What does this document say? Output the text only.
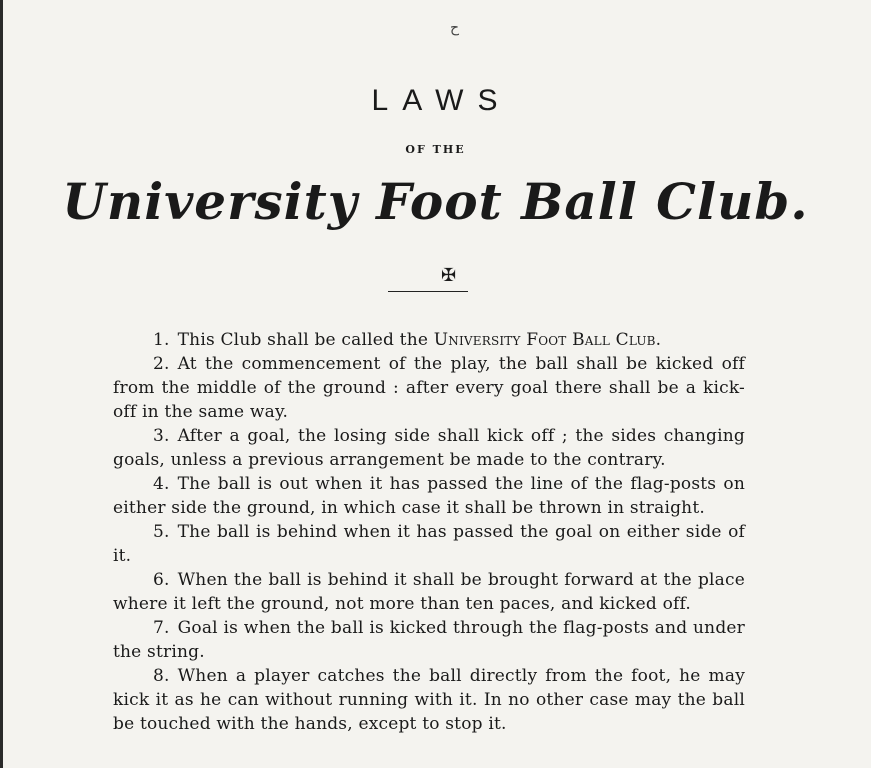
ح
LAWS
OF THE
University Foot Ball Club.
✠

1. This Club shall be called the University Foot Ball Club.

2. At the commencement of the play, the ball shall be kicked off from the middle of the ground : after every goal there shall be a kick-off in the same way.

3. After a goal, the losing side shall kick off ; the sides changing goals, unless a previous arrangement be made to the contrary.

4. The ball is out when it has passed the line of the flag-posts on either side the ground, in which case it shall be thrown in straight.

5. The ball is behind when it has passed the goal on either side of it.

6. When the ball is behind it shall be brought forward at the place where it left the ground, not more than ten paces, and kicked off.

7. Goal is when the ball is kicked through the flag-posts and under the string.

8. When a player catches the ball directly from the foot, he may kick it as he can without running with it. In no other case may the ball be touched with the hands, except to stop it.
